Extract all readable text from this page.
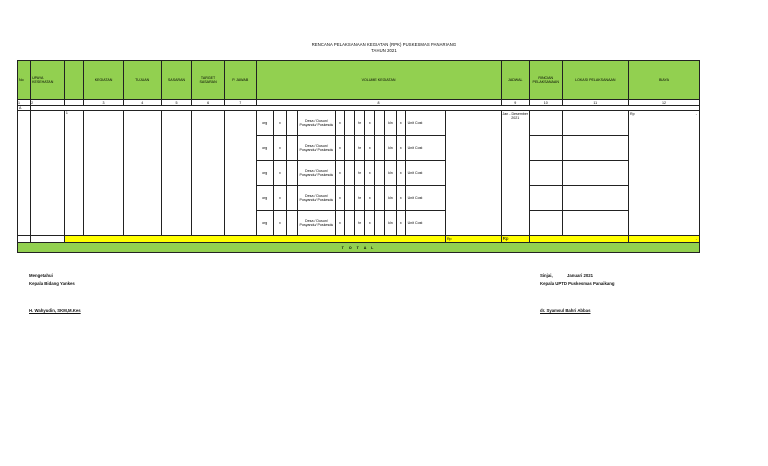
RENCANA PELAKSANAAN KEGIATAN (RPK) PUSKESMAS PANARIANG
TAHUN 2021
No	UPAYA KESEHATAN		KEGIATAN	TUJUAN	SASARAN	TARGET SASARAN	P. JAWAB	VOLUME KEGIATAN													JADWAL	RINCIAN PELAKSANAAN	LOKASI PELAKSANAAN	BIAYA
1	2		3	4	5	6	7	8													9	10	11	12
A																								
		1						org	x		Desa / Dusun/ Posyandu/ Poskesdu	x		hr	x		kln	x	Unit Cost		Jan - Desember 2021			Rp -

								org	x		Desa / Dusun/ Posyandu/ Poskesdu	x		hr	x		kln	x	Unit Cost					
								org	x		Desa / Dusun/ Posyandu/ Poskesdu	x		hr	x		kln	x	Unit Cost					
								org	x		Desa / Dusun/ Posyandu/ Poskesdu	x		hr	x		kln	x	Unit Cost					
								org	x		Desa / Dusun/ Posyandu/ Poskesdu	x		hr	x		kln	x	Unit Cost					
																				Rp	Rp			-
T O T A L																								
Mengetahui
Kepala Bidang Yankes
H. Wahyudin, SKM,M.Kes
Sinjai,	Januari 2021
Kepala UPTD Puskesmas Panaikang
dr. Syamsul Bahri Abbas
